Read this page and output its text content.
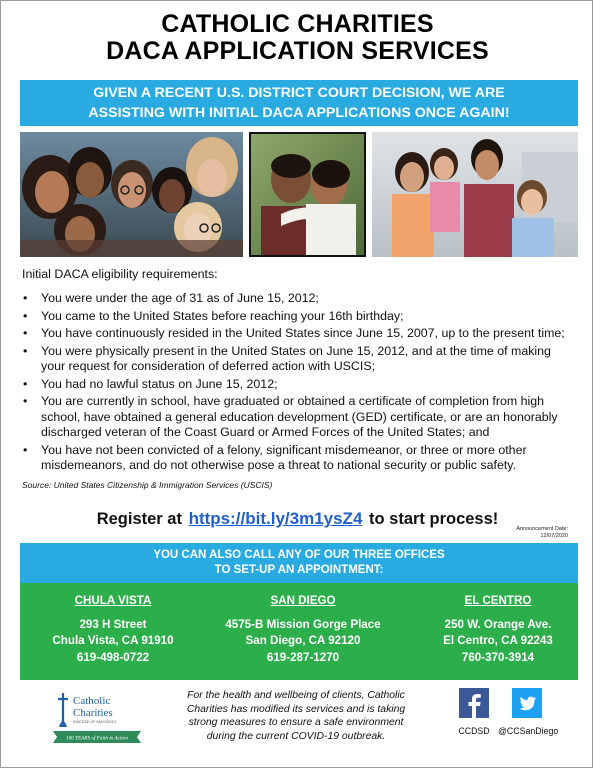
CATHOLIC CHARITIES
DACA APPLICATION SERVICES
GIVEN A RECENT U.S. DISTRICT COURT DECISION, WE ARE
ASSISTING WITH INITIAL DACA APPLICATIONS ONCE AGAIN!
Initial DACA eligibility requirements:
• You were under the age of 31 as of June 15, 2012;
• You came to the United States before reaching your 16th birthday;
• You have continuously resided in the United States since June 15, 2007, up to the present time;
• You were physically present in the United States on June 15, 2012, and at the time of making your request for consideration of deferred action with USCIS;
• You had no lawful status on June 15, 2012;
• You are currently in school, have graduated or obtained a certificate of completion from high school, have obtained a general education development (GED) certificate, or are an honorably discharged veteran of the Coast Guard or Armed Forces of the United States; and
• You have not been convicted of a felony, significant misdemeanor, or three or more other misdemeanors, and do not otherwise pose a threat to national security or public safety.
Source: United States Citizenship & Immigration Services (USCIS)
Register at https://bit.ly/3m1ysZ4 to start process!
Announcement Date:
12/07/2020
YOU CAN ALSO CALL ANY OF OUR THREE OFFICES
TO SET-UP AN APPOINTMENT:
CHULA VISTA
293 H Street
Chula Vista, CA 91910
619-498-0722
SAN DIEGO
4575-B Mission Gorge Place
San Diego, CA 92120
619-287-1270
EL CENTRO
250 W. Orange Ave.
El Centro, CA 92243
760-370-3914
Catholic
Charities
DIOCESE OF SAN DIEGO
100 YEARS of Faith in Action
For the health and wellbeing of clients, Catholic Charities has modified its services and is taking strong measures to ensure a safe environment during the current COVID-19 outbreak.	CCDSD @CCSanDiego
